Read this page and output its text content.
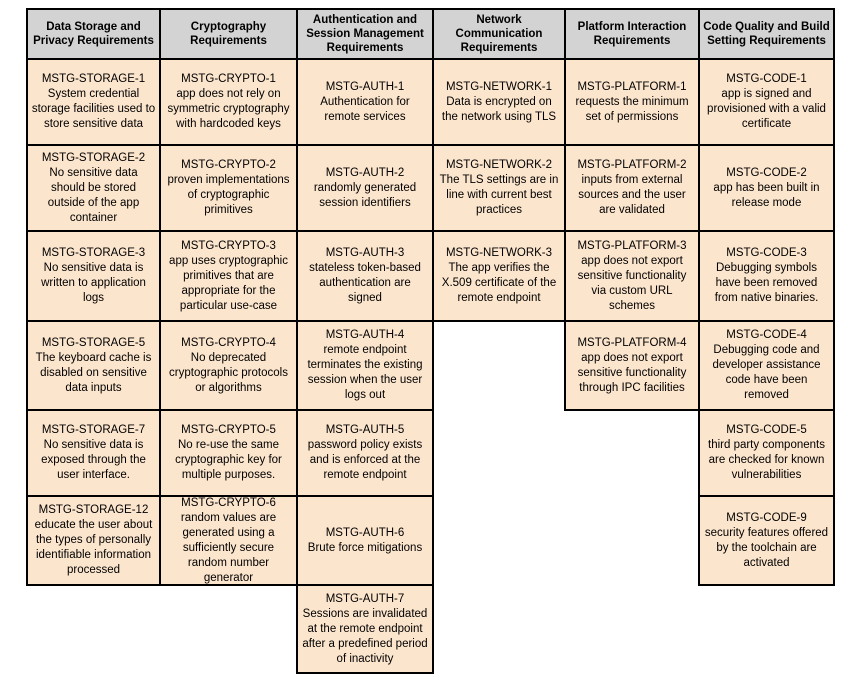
Data Storage and Privacy Requirements
MSTG-STORAGE-1
System credential storage facilities used to store sensitive data
MSTG-STORAGE-2
No sensitive data should be stored outside of the app container
MSTG-STORAGE-3
No sensitive data is written to application logs
MSTG-STORAGE-5
The keyboard cache is disabled on sensitive data inputs
MSTG-STORAGE-7
No sensitive data is exposed through the user interface.
MSTG-STORAGE-12
educate the user about the types of personally identifiable information processed
Cryptography Requirements
MSTG-CRYPTO-1
app does not rely on symmetric cryptography with hardcoded keys
MSTG-CRYPTO-2
proven implementations of cryptographic primitives
MSTG-CRYPTO-3
app uses cryptographic primitives that are appropriate for the particular use-case
MSTG-CRYPTO-4
No deprecated cryptographic protocols or algorithms
MSTG-CRYPTO-5
No re-use the same cryptographic key for multiple purposes.
MSTG-CRYPTO-6
random values are generated using a sufficiently secure random number generator
Authentication and Session Management Requirements
MSTG-AUTH-1
Authentication for remote services
MSTG-AUTH-2
randomly generated session identifiers
MSTG-AUTH-3
stateless token-based authentication are signed
MSTG-AUTH-4
remote endpoint terminates the existing session when the user logs out
MSTG-AUTH-5
password policy exists and is enforced at the remote endpoint
MSTG-AUTH-6
Brute force mitigations
MSTG-AUTH-7
Sessions are invalidated at the remote endpoint after a predefined period of inactivity
Network Communication Requirements
MSTG-NETWORK-1
Data is encrypted on the network using TLS
MSTG-NETWORK-2
The TLS settings are in line with current best practices
MSTG-NETWORK-3
The app verifies the X.509 certificate of the remote endpoint
Platform Interaction Requirements
MSTG-PLATFORM-1
requests the minimum set of permissions
MSTG-PLATFORM-2
inputs from external sources and the user are validated
MSTG-PLATFORM-3
app does not export sensitive functionality via custom URL schemes
MSTG-PLATFORM-4
app does not export sensitive functionality through IPC facilities
Code Quality and Build Setting Requirements
MSTG-CODE-1
app is signed and provisioned with a valid certificate
MSTG-CODE-2
app has been built in release mode
MSTG-CODE-3
Debugging symbols have been removed from native binaries.
MSTG-CODE-4
Debugging code and developer assistance code have been removed
MSTG-CODE-5
third party components are checked for known vulnerabilities
MSTG-CODE-9
security features offered by the toolchain are activated
